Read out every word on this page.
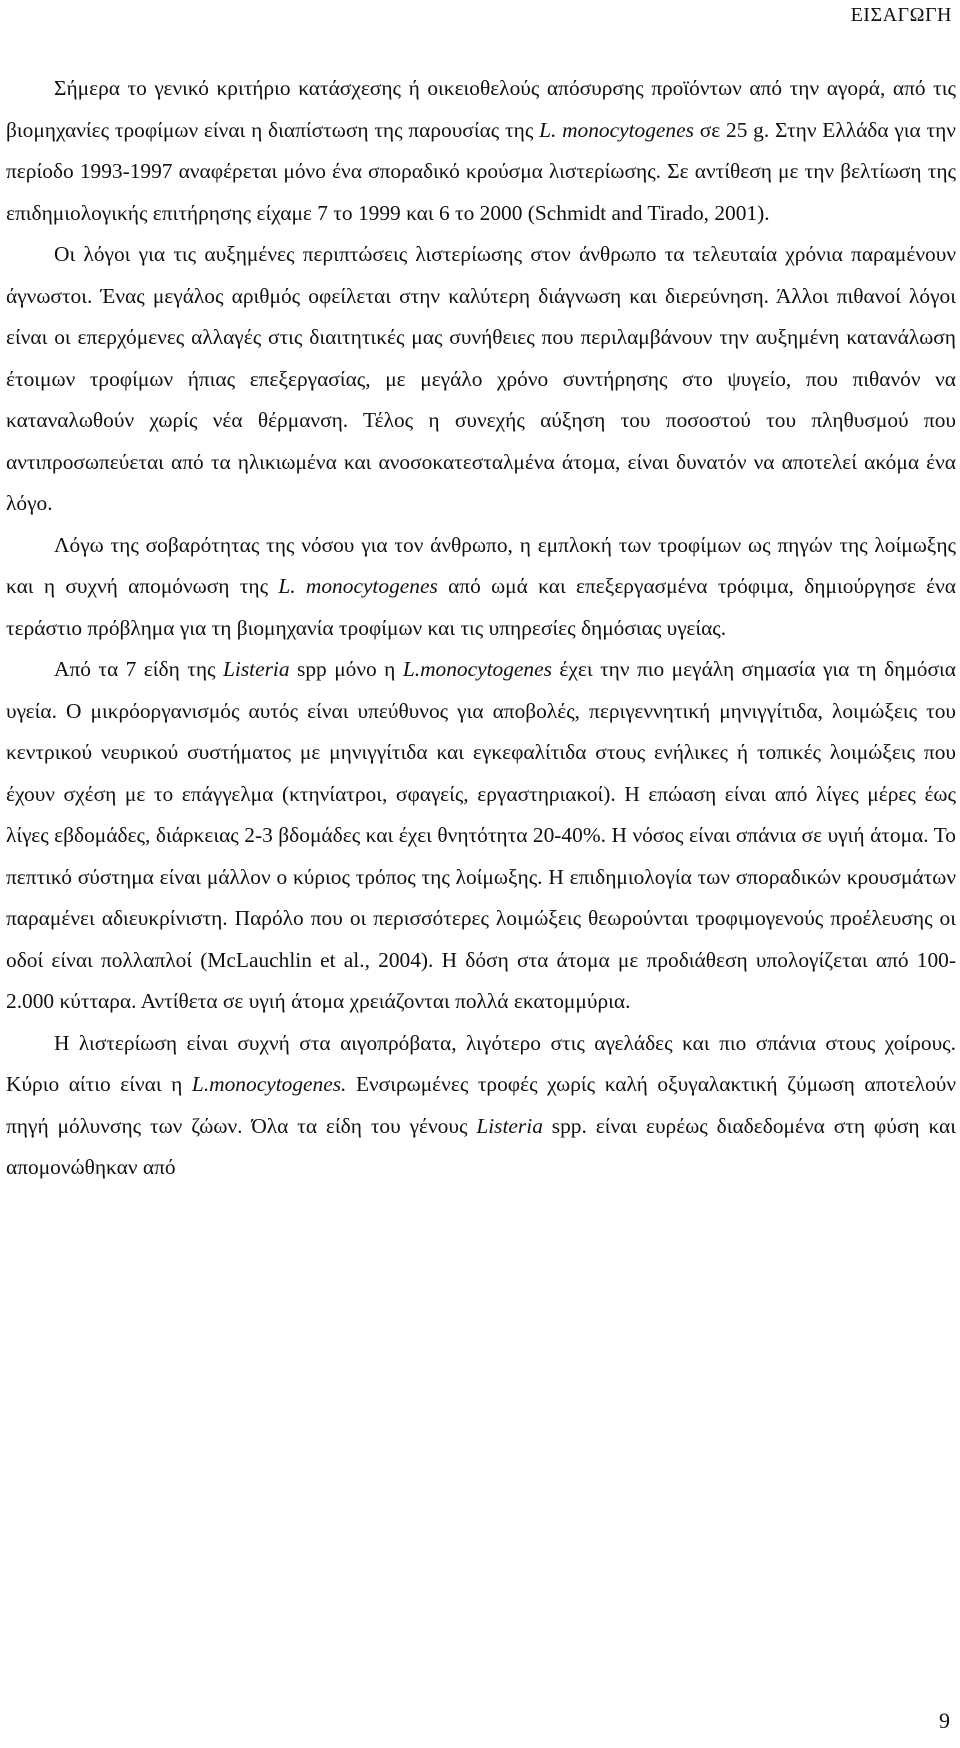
ΕΙΣΑΓΩΓΗ

Σήμερα το γενικό κριτήριο κατάσχεσης ή οικειοθελούς απόσυρσης προϊόντων από την αγορά, από τις βιομηχανίες τροφίμων είναι η διαπίστωση της παρουσίας της L. monocytogenes σε 25 g. Στην Ελλάδα για την περίοδο 1993-1997 αναφέρεται μόνο ένα σποραδικό κρούσμα λιστερίωσης. Σε αντίθεση με την βελτίωση της επιδημιολογικής επιτήρησης είχαμε 7 το 1999 και 6 το 2000 (Schmidt and Tirado, 2001).

Οι λόγοι για τις αυξημένες περιπτώσεις λιστερίωσης στον άνθρωπο τα τελευταία χρόνια παραμένουν άγνωστοι. Ένας μεγάλος αριθμός οφείλεται στην καλύτερη διάγνωση και διερεύνηση. Άλλοι πιθανοί λόγοι είναι οι επερχόμενες αλλαγές στις διαιτητικές μας συνήθειες που περιλαμβάνουν την αυξημένη κατανάλωση έτοιμων τροφίμων ήπιας επεξεργασίας, με μεγάλο χρόνο συντήρησης στο ψυγείο, που πιθανόν να καταναλωθούν χωρίς νέα θέρμανση. Τέλος η συνεχής αύξηση του ποσοστού του πληθυσμού που αντιπροσωπεύεται από τα ηλικιωμένα και ανοσοκατεσταλμένα άτομα, είναι δυνατόν να αποτελεί ακόμα ένα λόγο.

Λόγω της σοβαρότητας της νόσου για τον άνθρωπο, η εμπλοκή των τροφίμων ως πηγών της λοίμωξης και η συχνή απομόνωση της L. monocytogenes από ωμά και επεξεργασμένα τρόφιμα, δημιούργησε ένα τεράστιο πρόβλημα για τη βιομηχανία τροφίμων και τις υπηρεσίες δημόσιας υγείας.

Από τα 7 είδη της Listeria spp μόνο η L.monocytogenes έχει την πιο μεγάλη σημασία για τη δημόσια υγεία. Ο μικρόοργανισμός αυτός είναι υπεύθυνος για αποβολές, περιγεννητική μηνιγγίτιδα, λοιμώξεις του κεντρικού νευρικού συστήματος με μηνιγγίτιδα και εγκεφαλίτιδα στους ενήλικες ή τοπικές λοιμώξεις που έχουν σχέση με το επάγγελμα (κτηνίατροι, σφαγείς, εργαστηριακοί). Η επώαση είναι από λίγες μέρες έως λίγες εβδομάδες, διάρκειας 2-3 βδομάδες και έχει θνητότητα 20-40%. Η νόσος είναι σπάνια σε υγιή άτομα. Το πεπτικό σύστημα είναι μάλλον ο κύριος τρόπος της λοίμωξης. Η επιδημιολογία των σποραδικών κρουσμάτων παραμένει αδιευκρίνιστη. Παρόλο που οι περισσότερες λοιμώξεις θεωρούνται τροφιμογενούς προέλευσης οι οδοί είναι πολλαπλοί (McLauchlin et al., 2004). Η δόση στα άτομα με προδιάθεση υπολογίζεται από 100-2.000 κύτταρα. Αντίθετα σε υγιή άτομα χρειάζονται πολλά εκατομμύρια.

Η λιστερίωση είναι συχνή στα αιγοπρόβατα, λιγότερο στις αγελάδες και πιο σπάνια στους χοίρους. Κύριο αίτιο είναι η L.monocytogenes. Ενσιρωμένες τροφές χωρίς καλή οξυγαλακτική ζύμωση αποτελούν πηγή μόλυνσης των ζώων. Όλα τα είδη του γένους Listeria spp. είναι ευρέως διαδεδομένα στη φύση και απομονώθηκαν από

9
